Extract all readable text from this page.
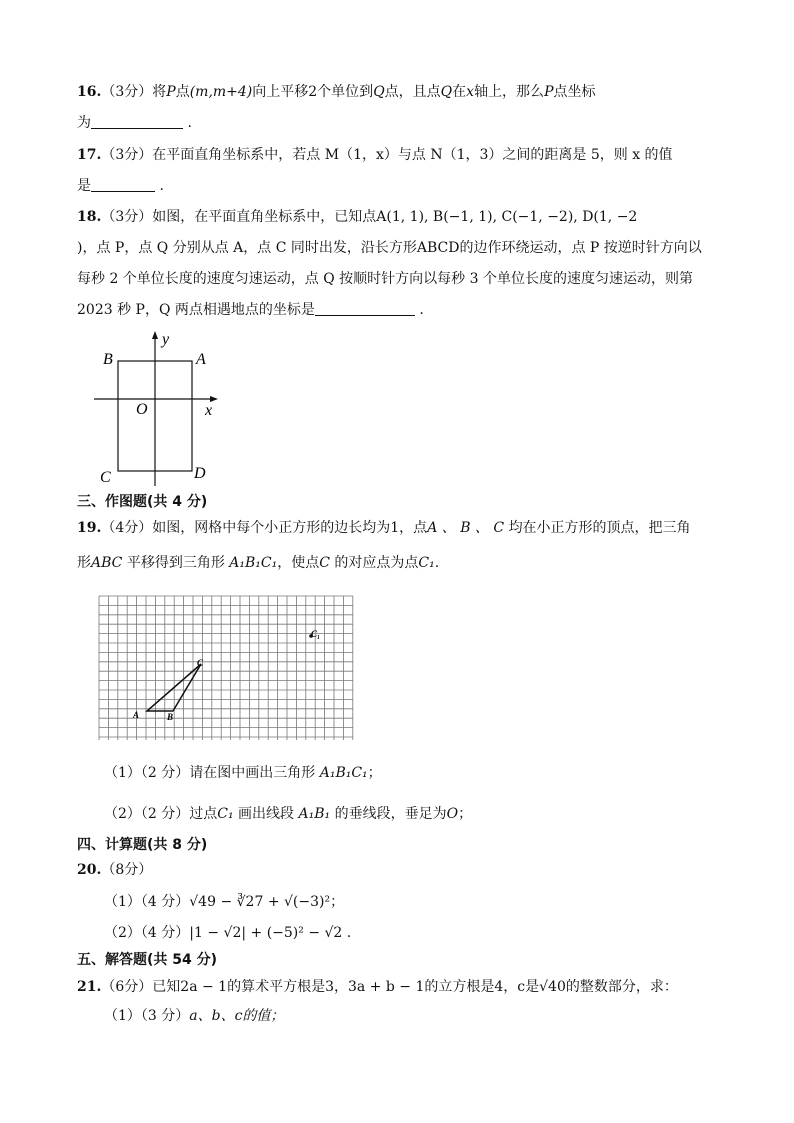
16.（3分）将P点(m,m+4)向上平移2个单位到Q点，且点Q在x轴上，那么P点坐标
为	.
17.（3分）在平面直角坐标系中，若点 M（1，x）与点 N（1，3）之间的距离是 5，则 x 的值
是	.
18.（3分）如图，在平面直角坐标系中，已知点A(1, 1), B(−1, 1), C(−1, −2), D(1, −2
)，点 P，点 Q 分别从点 A，点 C 同时出发，沿长方形ABCD的边作环绕运动，点 P 按逆时针方向以
每秒 2 个单位长度的速度匀速运动，点 Q 按顺时针方向以每秒 3 个单位长度的速度匀速运动，则第
2023 秒 P，Q 两点相遇地点的坐标是	.
y
x
O
A
B
C	D
三、作图题(共 4 分)
19.（4分）如图，网格中每个小正方形的边长均为1，点A 、 B 、 C 均在小正方形的顶点，把三角
形ABC 平移得到三角形 A₁B₁C₁，使点C 的对应点为点C₁.
A	B
C
C₁
（1）（2 分）请在图中画出三角形 A₁B₁C₁；
（2）（2 分）过点C₁ 画出线段 A₁B₁ 的垂线段，垂足为O；
四、计算题(共 8 分)
20.（8分）
（1）（4 分）√49 − ∛27 + √(−3)²；
（2）（4 分）|1 − √2| + (−5)² − √2 .
五、解答题(共 54 分)
21.（6分）已知2a − 1的算术平方根是3，3a + b − 1的立方根是4，c是√40的整数部分，求：
（1）（3 分）a、b、c的值；
